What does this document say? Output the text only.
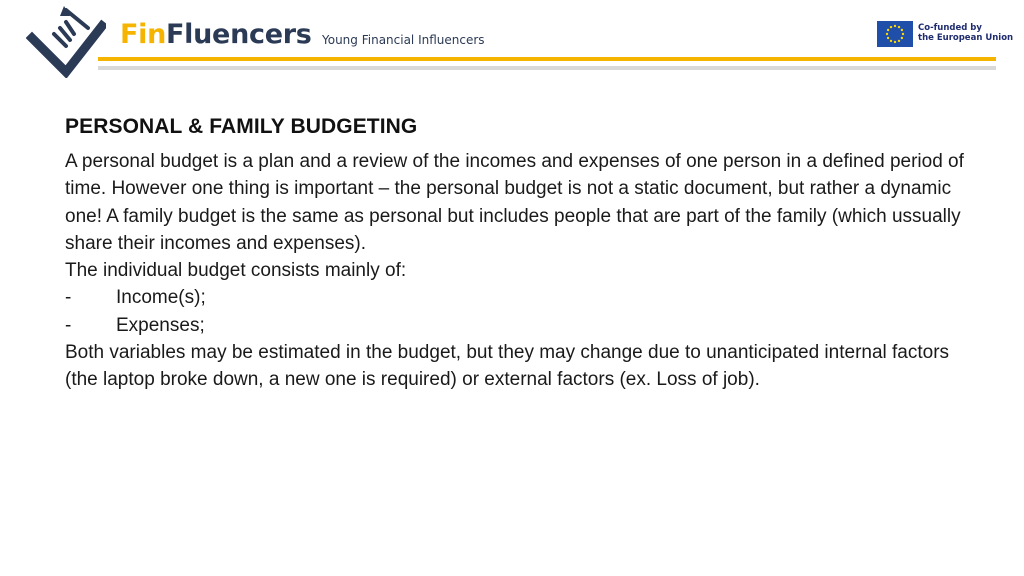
FinFluencers Young Financial Influencers
Co-funded by
the European Union
PERSONAL & FAMILY BUDGETING

A personal budget is a plan and a review of the incomes and expenses of one person in a defined period of time. However one thing is important – the personal budget is not a static document, but rather a dynamic one! A family budget is the same as personal but includes people that are part of the family (which ussually share their incomes and expenses).

The individual budget consists mainly of:

-	Income(s);
-	Expenses;

Both variables may be estimated in the budget, but they may change due to unanticipated internal factors (the laptop broke down, a new one is required) or external factors (ex. Loss of job).
